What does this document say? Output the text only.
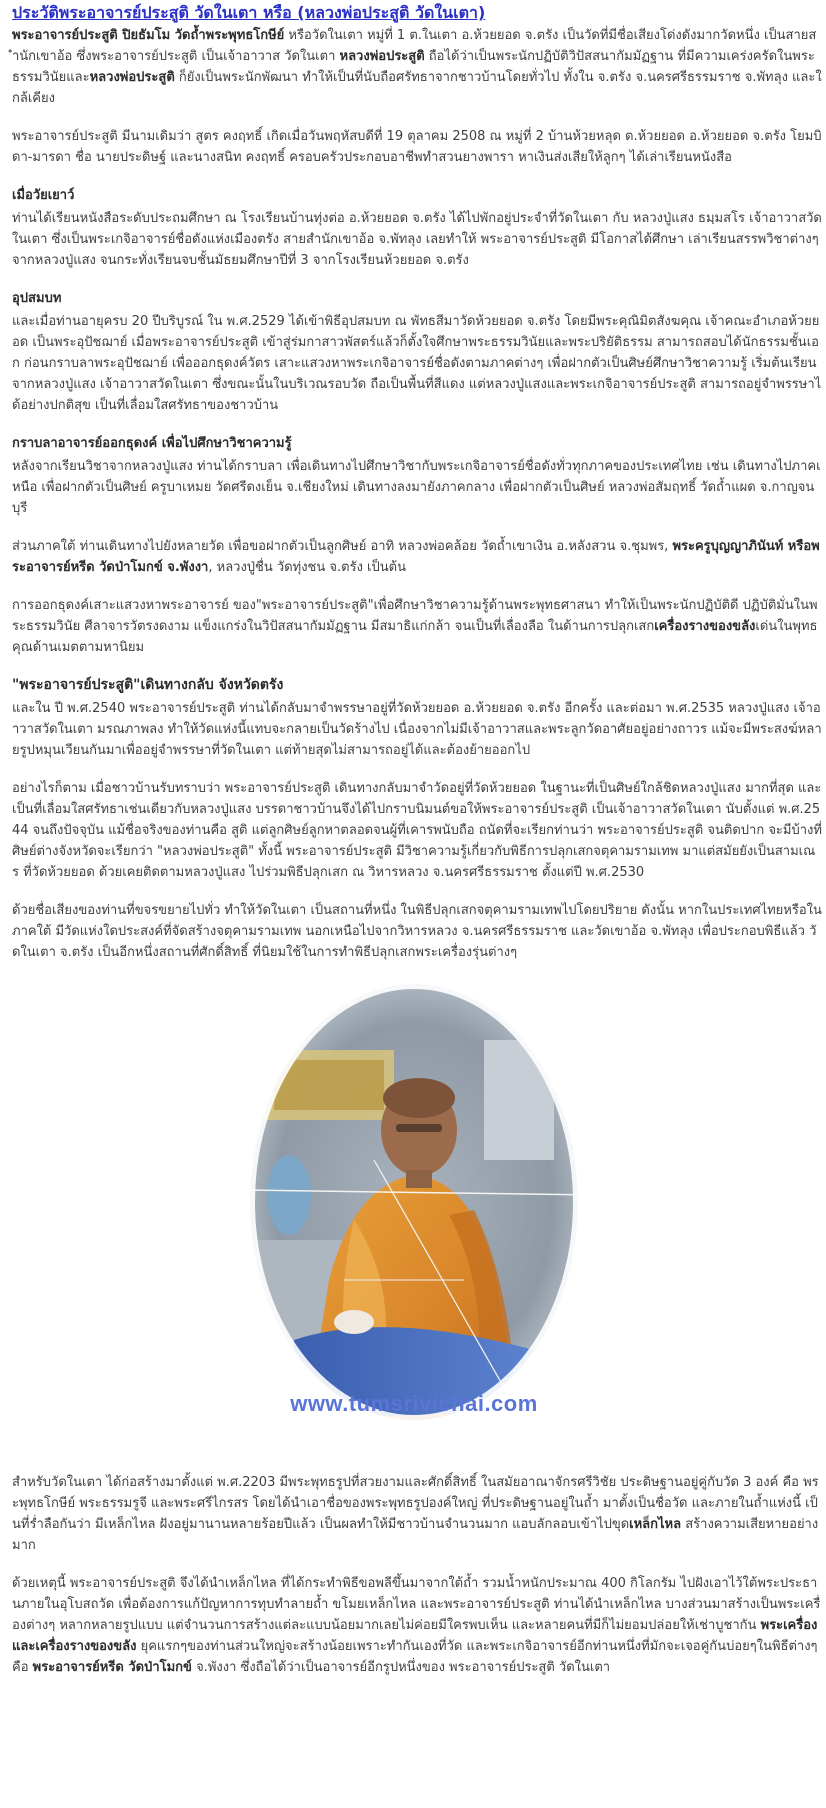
ประวัติพระอาจารย์ประสูติ วัดในเตา หรือ (หลวงพ่อประสูติ วัดในเตา)

พระอาจารย์ประสูติ ปิยธัมโม วัดถ้ำพระพุทธโกษีย์ หรือวัดในเตา หมู่ที่ 1 ต.ในเตา อ.ห้วยยอด จ.ตรัง เป็นวัดที่มีชื่อเสียงโด่งดังมากวัดหนึ่ง เป็นสายสำนักเขาอ้อ ซึ่งพระอาจารย์ประสูติ เป็นเจ้าอาวาส วัดในเตา หลวงพ่อประสูติ ถือได้ว่าเป็นพระนักปฏิบัติวิปัสสนากัมมัฏฐาน ที่มีความเคร่งครัดในพระธรรมวินัยและหลวงพ่อประสูติ ก็ยังเป็นพระนักพัฒนา ทำให้เป็นที่นับถือศรัทธาจากชาวบ้านโดยทั่วไป ทั้งใน จ.ตรัง จ.นครศรีธรรมราช จ.พัทลุง และใกล้เคียง

พระอาจารย์ประสูติ มีนามเดิมว่า สูตร คงฤทธิ์ เกิดเมื่อวันพฤหัสบดีที่ 19 ตุลาคม 2508 ณ หมู่ที่ 2 บ้านห้วยหลุด ต.ห้วยยอด อ.ห้วยยอด จ.ตรัง โยมบิดา-มารดา ชื่อ นายประดิษฐ์ และนางสนิท คงฤทธิ์ ครอบครัวประกอบอาชีพทำสวนยางพารา หาเงินส่งเสียให้ลูกๆ ได้เล่าเรียนหนังสือ

เมื่อวัยเยาว์
ท่านได้เรียนหนังสือระดับประถมศึกษา ณ โรงเรียนบ้านทุ่งต่อ อ.ห้วยยอด จ.ตรัง ได้ไปพักอยู่ประจำที่วัดในเตา กับ หลวงปู่แสง ธมฺมสโร เจ้าอาวาสวัดในเตา ซึ่งเป็นพระเกจิอาจารย์ชื่อดังแห่งเมืองตรัง สายสำนักเขาอ้อ จ.พัทลุง เลยทำให้ พระอาจารย์ประสูติ มีโอกาสได้ศึกษา เล่าเรียนสรรพวิชาต่างๆจากหลวงปู่แสง จนกระทั่งเรียนจบชั้นมัธยมศึกษาปีที่ 3 จากโรงเรียนห้วยยอด จ.ตรัง
อุปสมบท
และเมื่อท่านอายุครบ 20 ปีบริบูรณ์ ใน พ.ศ.2529 ได้เข้าพิธีอุปสมบท ณ พัทธสีมาวัดห้วยยอด จ.ตรัง โดยมีพระคุณิมิตสังฆคุณ เจ้าคณะอำเภอห้วยยอด เป็นพระอุปัชฌาย์ เมื่อพระอาจารย์ประสูติ เข้าสู่ร่มกาสาวพัสตร์แล้วก็ตั้งใจศึกษาพระธรรมวินัยและพระปริยัติธรรม สามารถสอบได้นักธรรมชั้นเอก ก่อนกราบลาพระอุปัชฌาย์ เพื่อออกธุดงค์วัตร เสาะแสวงหาพระเกจิอาจารย์ชื่อดังตามภาคต่างๆ เพื่อฝากตัวเป็นศิษย์ศึกษาวิชาความรู้ เริ่มต้นเรียนจากหลวงปู่แสง เจ้าอาวาสวัดในเตา ซึ่งขณะนั้นในบริเวณรอบวัด ถือเป็นพื้นที่สีแดง แต่หลวงปู่แสงและพระเกจิอาจารย์ประสูติ สามารถอยู่จำพรรษาได้อย่างปกติสุข เป็นที่เลื่อมใสศรัทธาของชาวบ้าน
กราบลาอาจารย์ออกธุดงค์ เพื่อไปศึกษาวิชาความรู้
หลังจากเรียนวิชาจากหลวงปู่แสง ท่านได้กราบลา เพื่อเดินทางไปศึกษาวิชากับพระเกจิอาจารย์ชื่อดังทั่วทุกภาคของประเทศไทย เช่น เดินทางไปภาคเหนือ เพื่อฝากตัวเป็นศิษย์ ครูบาเหมย วัดศรีดงเย็น จ.เชียงใหม่ เดินทางลงมายังภาคกลาง เพื่อฝากตัวเป็นศิษย์ หลวงพ่อสัมฤทธิ์ วัดถ้ำแผด จ.กาญจนบุรี

ส่วนภาคใต้ ท่านเดินทางไปยังหลายวัด เพื่อขอฝากตัวเป็นลูกศิษย์ อาทิ หลวงพ่อคล้อย วัดถ้ำเขาเงิน อ.หลังสวน จ.ชุมพร, พระครูบุญญาภินันท์ หรือพระอาจารย์หรีด วัดป่าโมกข์ จ.พังงา, หลวงปู่ชื่น วัดทุ่งชน จ.ตรัง เป็นต้น

การออกธุดงค์เสาะแสวงหาพระอาจารย์ ของ"พระอาจารย์ประสูติ"เพื่อศึกษาวิชาความรู้ด้านพระพุทธศาสนา ทำให้เป็นพระนักปฏิบัติดี ปฏิบัติมั่นในพระธรรมวินัย ศีลาจารวัตรงดงาม แข็งแกร่งในวิปัสสนากัมมัฏฐาน มีสมาธิแก่กล้า จนเป็นที่เลื่องลือ ในด้านการปลุกเสกเครื่องรางของขลังเด่นในพุทธคุณด้านเมตตามหานิยม

"พระอาจารย์ประสูติ"เดินทางกลับ จังหวัดตรัง
และใน ปี พ.ศ.2540 พระอาจารย์ประสูติ ท่านได้กลับมาจำพรรษาอยู่ที่วัดห้วยยอด อ.ห้วยยอด จ.ตรัง อีกครั้ง และต่อมา พ.ศ.2535 หลวงปู่แสง เจ้าอาวาสวัดในเตา มรณภาพลง ทำให้วัดแห่งนี้แทบจะกลายเป็นวัดร้างไป เนื่องจากไม่มีเจ้าอาวาสและพระลูกวัดอาศัยอยู่อย่างถาวร แม้จะมีพระสงฆ์หลายรูปหมุนเวียนกันมาเพื่ออยู่จำพรรษาที่วัดในเตา แต่ท้ายสุดไม่สามารถอยู่ได้และต้องย้ายออกไป

อย่างไรก็ตาม เมื่อชาวบ้านรับทราบว่า พระอาจารย์ประสูติ เดินทางกลับมาจำวัดอยู่ที่วัดห้วยยอด ในฐานะที่เป็นศิษย์ใกล้ชิดหลวงปู่แสง มากที่สุด และเป็นที่เลื่อมใสศรัทธาเช่นเดียวกับหลวงปู่แสง บรรดาชาวบ้านจึงได้ไปกราบนิมนต์ขอให้พระอาจารย์ประสูติ เป็นเจ้าอาวาสวัดในเตา นับตั้งแต่ พ.ศ.2544 จนถึงปัจจุบัน แม้ชื่อจริงของท่านคือ สูติ แต่ลูกศิษย์ลูกหาตลอดจนผู้ที่เคารพนับถือ ถนัดที่จะเรียกท่านว่า พระอาจารย์ประสูติ จนติดปาก จะมีบ้างที่ศิษย์ต่างจังหวัดจะเรียกว่า "หลวงพ่อประสูติ" ทั้งนี้ พระอาจารย์ประสูติ มีวิชาความรู้เกี่ยวกับพิธีการปลุกเสกจตุคามรามเทพ มาแต่สมัยยังเป็นสามเณร ที่วัดห้วยยอด ด้วยเคยติดตามหลวงปู่แสง ไปร่วมพิธีปลุกเสก ณ วิหารหลวง จ.นครศรีธรรมราช ตั้งแต่ปี พ.ศ.2530

ด้วยชื่อเสียงของท่านที่ขจรขยายไปทั่ว ทำให้วัดในเตา เป็นสถานที่หนึ่ง ในพิธีปลุกเสกจตุคามรามเทพไปโดยปริยาย ดังนั้น หากในประเทศไทยหรือในภาคใต้ มีวัดแห่งใดประสงค์ที่จัดสร้างจตุคามรามเทพ นอกเหนือไปจากวิหารหลวง จ.นครศรีธรรมราช และวัดเขาอ้อ จ.พัทลุง เพื่อประกอบพิธีแล้ว วัดในเตา จ.ตรัง เป็นอีกหนึ่งสถานที่ศักดิ์สิทธิ์ ที่นิยมใช้ในการทำพิธีปลุกเสกพระเครื่องรุ่นต่างๆ

www.tumsrivichai.com

สำหรับวัดในเตา ได้ก่อสร้างมาตั้งแต่ พ.ศ.2203 มีพระพุทธรูปที่สวยงามและศักดิ์สิทธิ์ ในสมัยอาณาจักรศรีวิชัย ประดิษฐานอยู่คู่กับวัด 3 องค์ คือ พระพุทธโกษีย์ พระธรรมรูจี และพระศรีไกรสร โดยได้นำเอาชื่อของพระพุทธรูปองค์ใหญ่ ที่ประดิษฐานอยู่ในถ้ำ มาตั้งเป็นชื่อวัด และภายในถ้ำแห่งนี้ เป็นที่ร่ำลือกันว่า มีเหล็กไหล ฝังอยู่มานานหลายร้อยปีแล้ว เป็นผลทำให้มีชาวบ้านจำนวนมาก แอบลักลอบเข้าไปขุดเหล็กไหล สร้างความเสียหายอย่างมาก

ด้วยเหตุนี้ พระอาจารย์ประสูติ จึงได้นำเหล็กไหล ที่ได้กระทำพิธีขอพลีขึ้นมาจากใต้ถ้ำ รวมน้ำหนักประมาณ 400 กิโลกรัม ไปฝังเอาไว้ใต้พระประธานภายในอุโบสถวัด เพื่อต้องการแก้ปัญหาการทุบทำลายถ้ำ ขโมยเหล็กไหล และพระอาจารย์ประสูติ ท่านได้นำเหล็กไหล บางส่วนมาสร้างเป็นพระเครื่องต่างๆ หลากหลายรูปแบบ แต่จำนวนการสร้างแต่ละแบบน้อยมากเลยไม่ค่อยมีใครพบเห็น และหลายคนที่มีก็ไม่ยอมปล่อยให้เช่าบูชากัน พระเครื่องและเครื่องรางของขลัง ยุคแรกๆของท่านส่วนใหญ่จะสร้างน้อยเพราะทำกันเองที่วัด และพระเกจิอาจารย์อีกท่านหนึ่งที่มักจะเจอคู่กันบ่อยๆในพิธีต่างๆ คือ พระอาจารย์หรีด วัดป่าโมกข์ จ.พังงา ซึ่งถือได้ว่าเป็นอาจารย์อีกรูปหนึ่งของ พระอาจารย์ประสูติ วัดในเตา
